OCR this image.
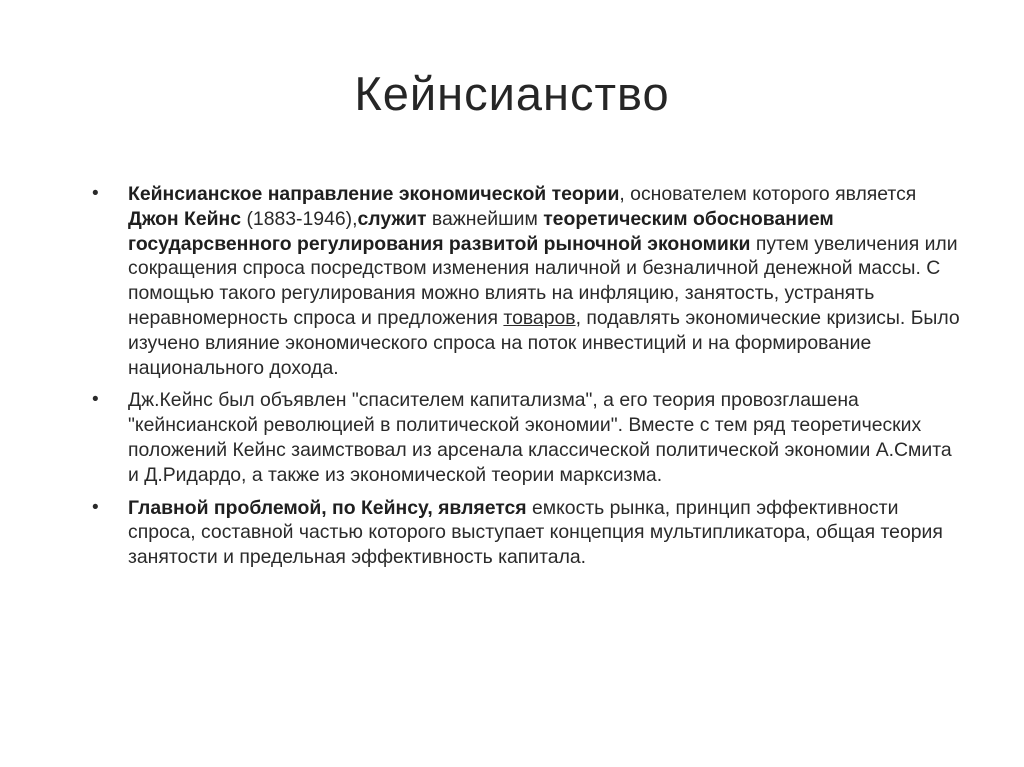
Кейнсианство
•	Кейнсианское направление экономической теории, основателем которого является Джон Кейнс (1883-1946),служит важнейшим теоретическим обоснованием государсвенного регулирования развитой рыночной экономики путем увеличения или сокращения спроса посредством изменения наличной и безналичной денежной массы. С помощью такого регулирования можно влиять на инфляцию, занятость, устранять неравномерность спроса и предложения товаров, подавлять экономические кризисы. Было изучено влияние экономического спроса на поток инвестиций и на формирование национального дохода.
•	Дж.Кейнс был объявлен "спасителем капитализма", а его теория провозглашена "кейнсианской революцией в политической экономии". Вместе с тем ряд теоретических положений Кейнс заимствовал из арсенала классической политической экономии А.Смита и Д.Ридардо, а также из экономической теории марксизма.
•	Главной проблемой, по Кейнсу, является емкость рынка, принцип эффективности спроса, составной частью которого выступает концепция мультипликатора, общая теория занятости и предельная эффективность капитала.
